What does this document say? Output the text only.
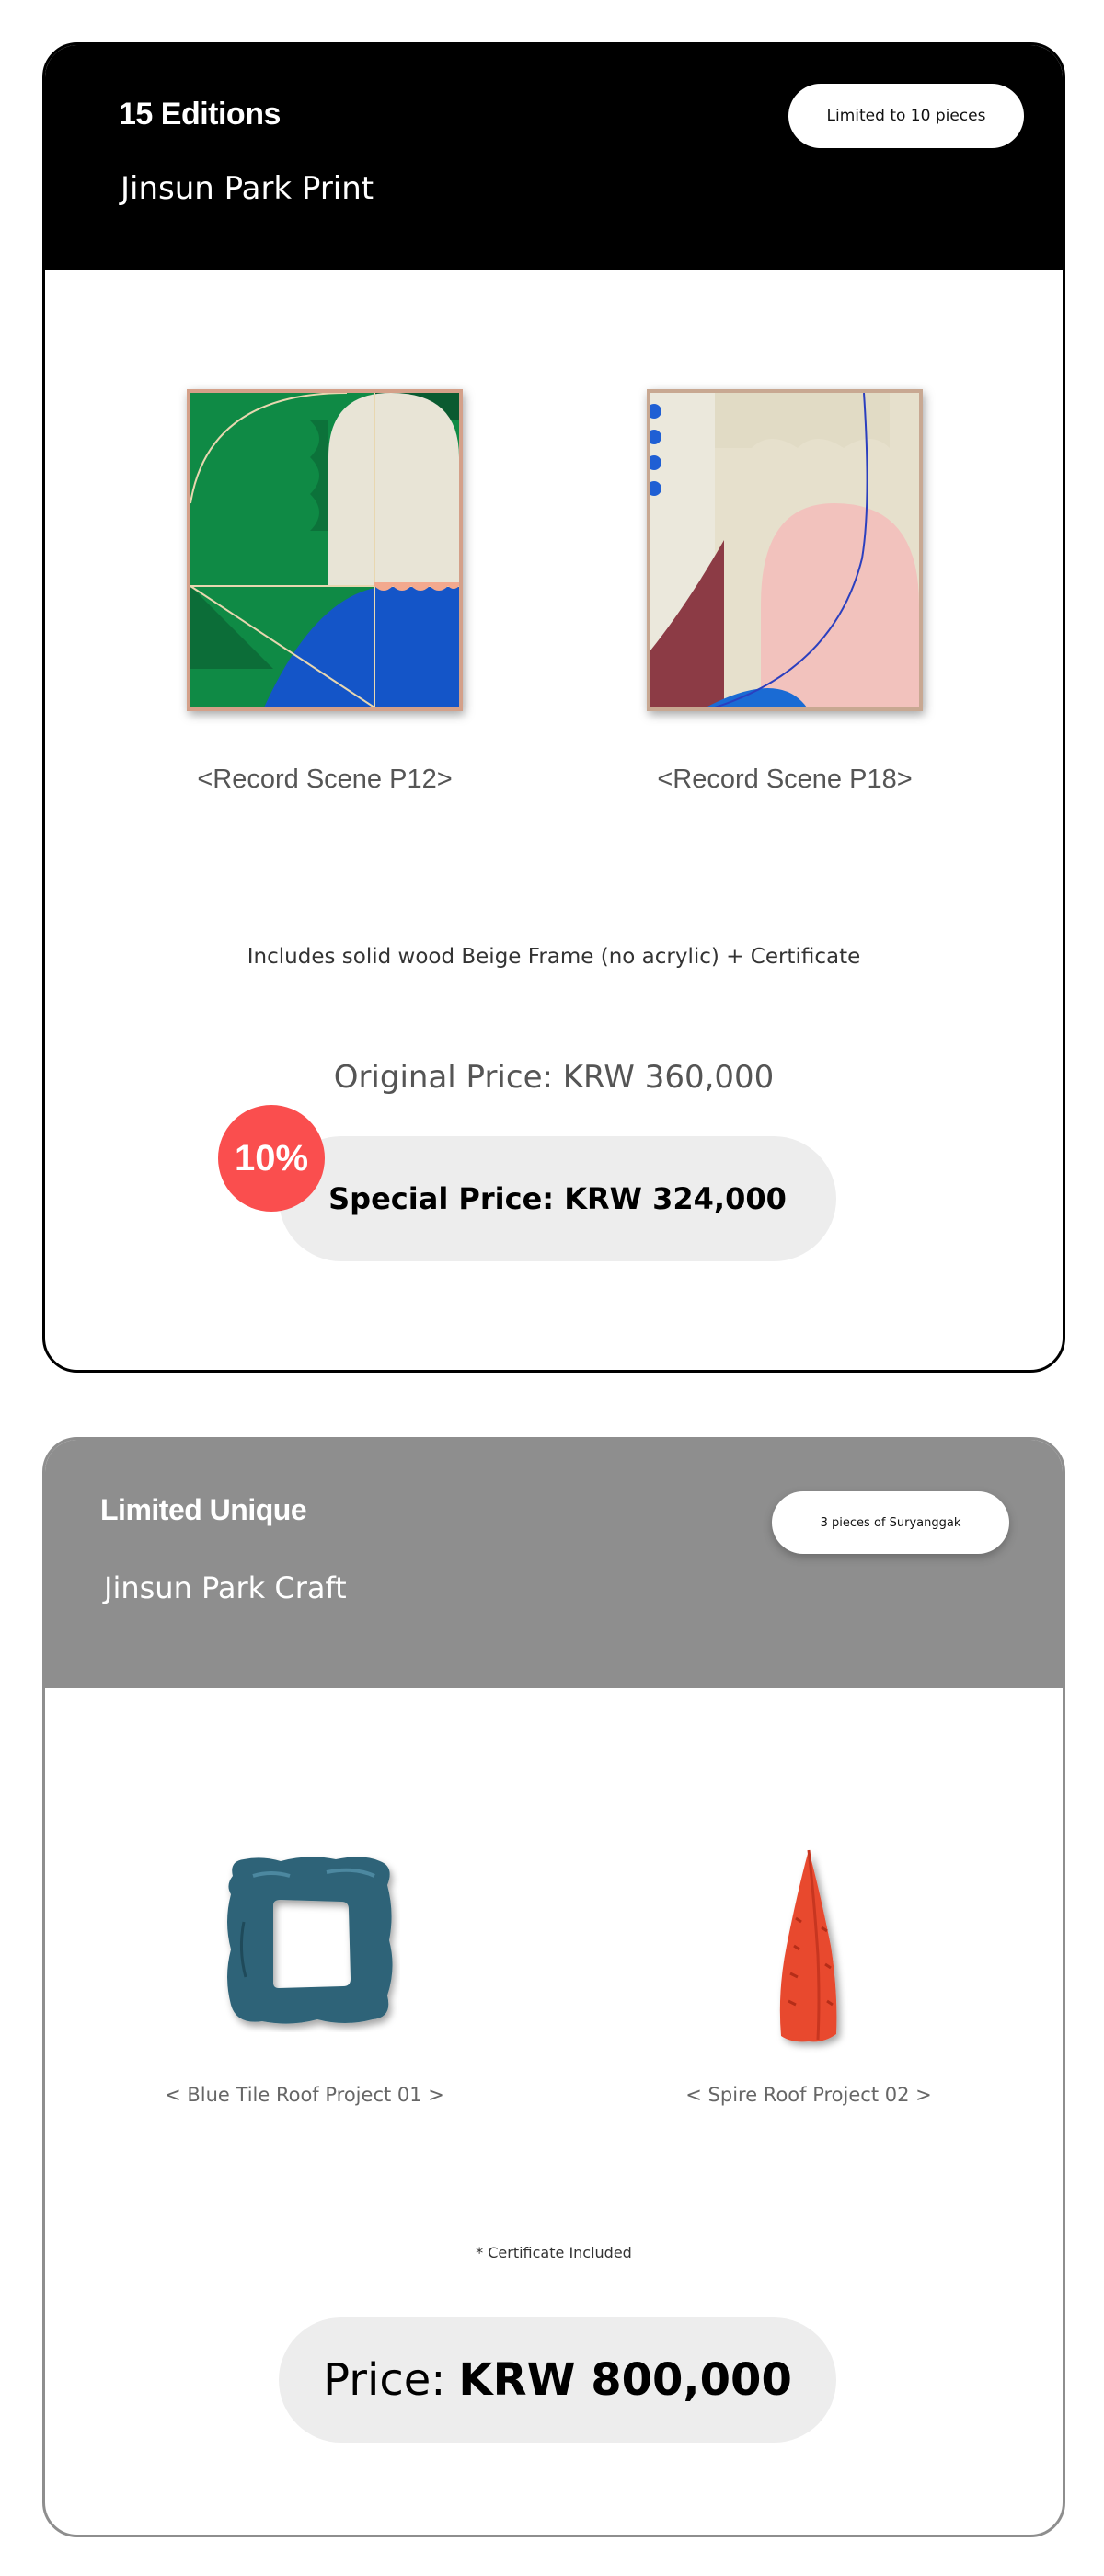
15 Editions
Jinsun Park Print
Limited to 10 pieces
<Record Scene P12>	<Record Scene P18>
Includes solid wood Beige Frame (no acrylic) + Certificate
Original Price: KRW 360,000
Special Price: KRW 324,000
10%
Limited Unique
Jinsun Park Craft
3 pieces of Suryanggak
< Blue Tile Roof Project 01 >	< Spire Roof Project 02 >
* Certificate Included
Price: KRW 800,000
